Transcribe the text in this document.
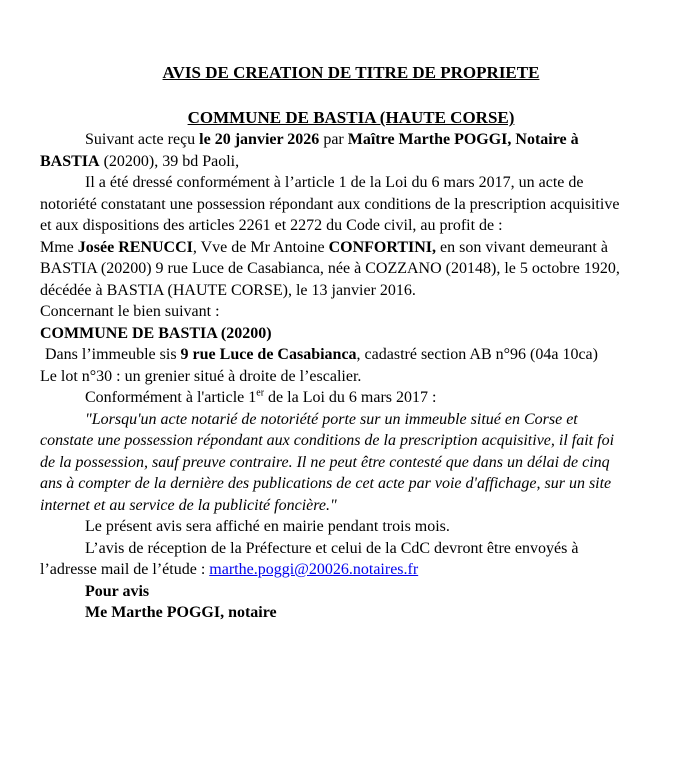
AVIS DE CREATION DE TITRE DE PROPRIETE
COMMUNE DE BASTIA (HAUTE CORSE)

Suivant acte reçu le 20 janvier 2026 par Maître Marthe POGGI, Notaire à
BASTIA (20200), 39 bd Paoli,

Il a été dressé conformément à l’article 1 de la Loi du 6 mars 2017, un acte de
notoriété constatant une possession répondant aux conditions de la prescription acquisitive
et aux dispositions des articles 2261 et 2272 du Code civil, au profit de :

Mme Josée RENUCCI, Vve de Mr Antoine CONFORTINI, en son vivant demeurant à
BASTIA (20200) 9 rue Luce de Casabianca, née à COZZANO (20148), le 5 octobre 1920,
décédée à BASTIA (HAUTE CORSE), le 13 janvier 2016.

Concernant le bien suivant :

COMMUNE DE BASTIA (20200)

Dans l’immeuble sis 9 rue Luce de Casabianca, cadastré section AB n°96 (04a 10ca)

Le lot n°30 : un grenier situé à droite de l’escalier.

Conformément à l'article 1er de la Loi du 6 mars 2017 :

"Lorsqu'un acte notarié de notoriété porte sur un immeuble situé en Corse et
constate une possession répondant aux conditions de la prescription acquisitive, il fait foi
de la possession, sauf preuve contraire. Il ne peut être contesté que dans un délai de cinq
ans à compter de la dernière des publications de cet acte par voie d'affichage, sur un site
internet et au service de la publicité foncière."

Le présent avis sera affiché en mairie pendant trois mois.

L’avis de réception de la Préfecture et celui de la CdC devront être envoyés à
l’adresse mail de l’étude : marthe.poggi@20026.notaires.fr

Pour avis

Me Marthe POGGI, notaire
